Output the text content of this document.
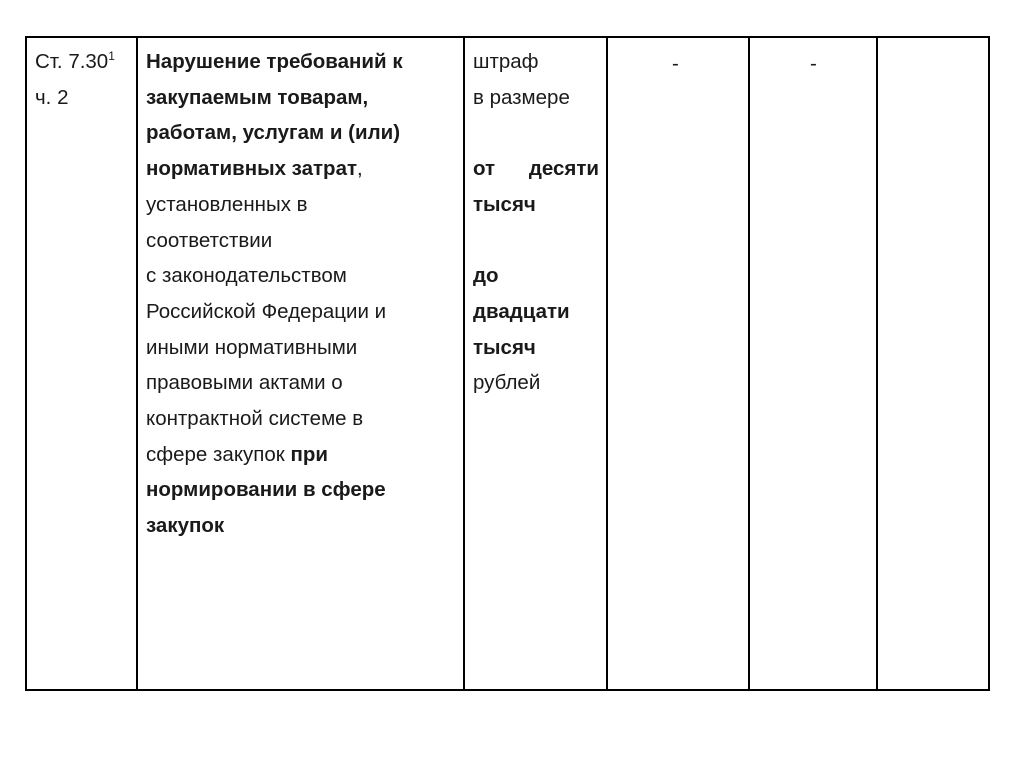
Ст. 7.30$^1$
ч. 2
Нарушение требований к
закупаемым товарам,
работам, услугам и (или)
нормативных затрат,
установленных в
соответствии
с законодательством
Российской Федерации и
иными нормативными
правовыми актами о
контрактной системе в
сфере закупок при
нормировании в сфере
закупок
штраф
в размере
от десяти
тысяч
до
двадцати
тысяч
рублей
-	-
